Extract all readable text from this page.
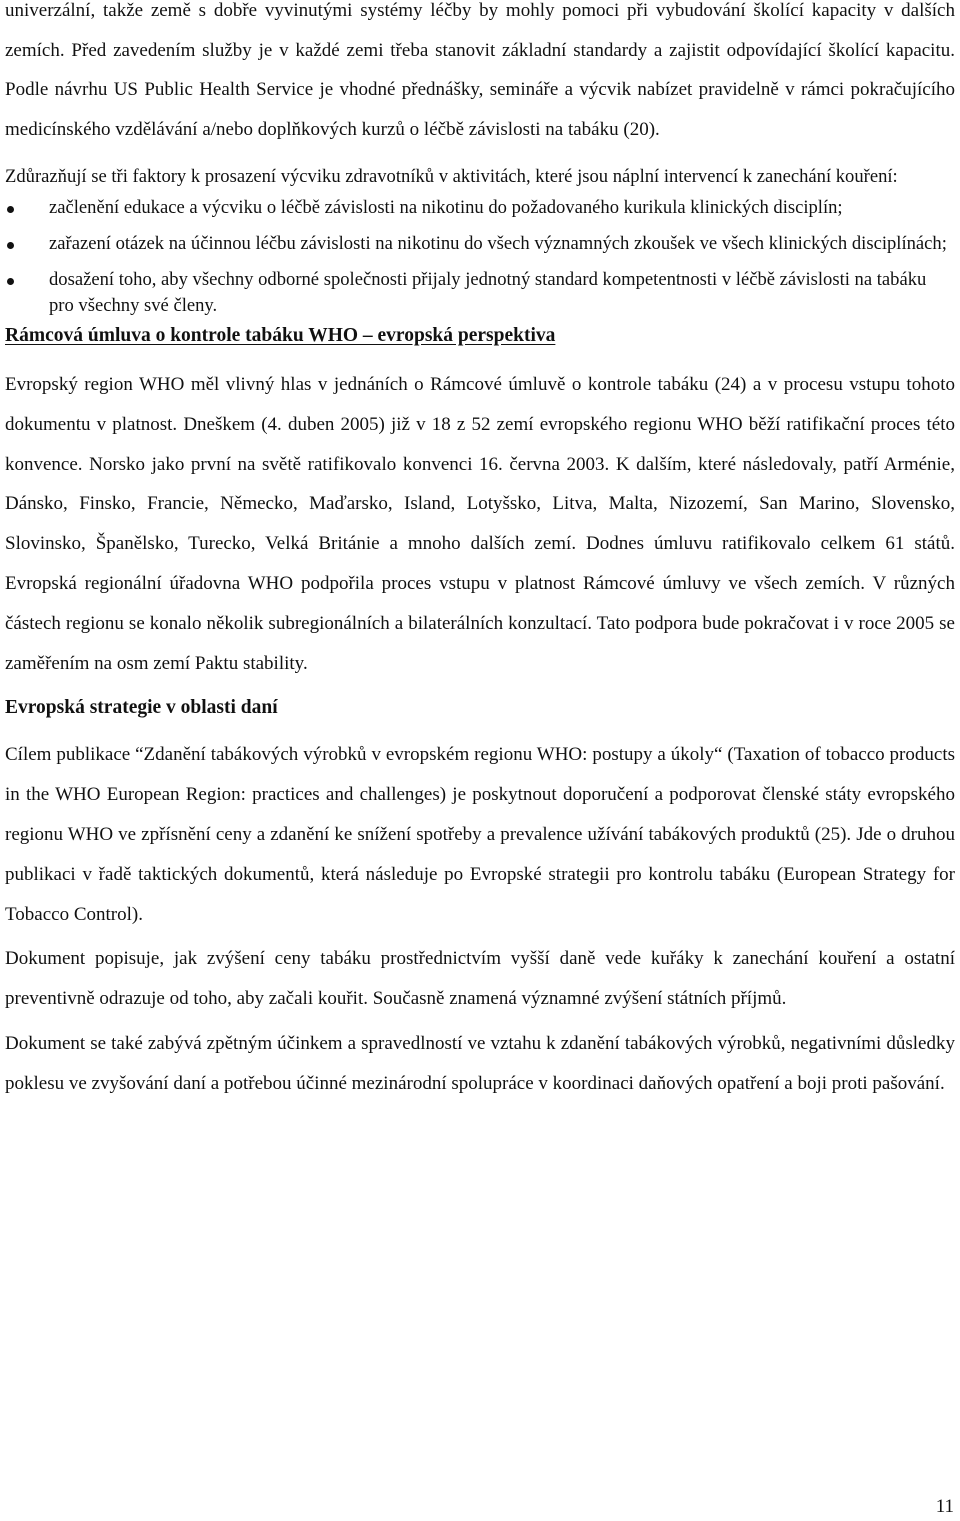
univerzální, takže země s dobře vyvinutými systémy léčby by mohly pomoci při vybudování školící kapacity v dalších zemích. Před zavedením služby je v každé zemi třeba stanovit základní standardy a zajistit odpovídající školící kapacitu. Podle návrhu US Public Health Service je vhodné přednášky, semináře a výcvik nabízet pravidelně v rámci pokračujícího medicínského vzdělávání a/nebo doplňkových kurzů o léčbě závislosti na tabáku (20).

Zdůrazňují se tři faktory k prosazení výcviku zdravotníků v aktivitách, které jsou náplní intervencí k zanechání kouření:

začlenění edukace a výcviku o léčbě závislosti na nikotinu do požadovaného kurikula klinických disciplín;
zařazení otázek na účinnou léčbu závislosti na nikotinu do všech významných zkoušek ve všech klinických disciplínách;
dosažení toho, aby všechny odborné společnosti přijaly jednotný standard kompetentnosti v léčbě závislosti na tabáku pro všechny své členy.
Rámcová úmluva o kontrole tabáku WHO – evropská perspektiva

Evropský region WHO měl vlivný hlas v jednáních o Rámcové úmluvě o kontrole tabáku (24) a v procesu vstupu tohoto dokumentu v platnost. Dneškem (4. duben 2005) již v 18 z 52 zemí evropského regionu WHO běží ratifikační proces této konvence. Norsko jako první na světě ratifikovalo konvenci 16. června 2003. K dalším, které následovaly, patří Arménie, Dánsko, Finsko, Francie, Německo, Maďarsko, Island, Lotyšsko, Litva, Malta, Nizozemí, San Marino, Slovensko, Slovinsko, Španělsko, Turecko, Velká Británie a mnoho dalších zemí. Dodnes úmluvu ratifikovalo celkem 61 států. Evropská regionální úřadovna WHO podpořila proces vstupu v platnost Rámcové úmluvy ve všech zemích. V různých částech regionu se konalo několik subregionálních a bilaterálních konzultací. Tato podpora bude pokračovat i v roce 2005 se zaměřením na osm zemí Paktu stability.

Evropská strategie v oblasti daní

Cílem publikace “Zdanění tabákových výrobků v evropském regionu WHO: postupy a úkoly“ (Taxation of tobacco products in the WHO European Region: practices and challenges) je poskytnout doporučení a podporovat členské státy evropského regionu WHO ve zpřísnění ceny a zdanění ke snížení spotřeby a prevalence užívání tabákových produktů (25). Jde o druhou publikaci v řadě taktických dokumentů, která následuje po Evropské strategii pro kontrolu tabáku (European Strategy for Tobacco Control).

Dokument popisuje, jak zvýšení ceny tabáku prostřednictvím vyšší daně vede kuřáky k zanechání kouření a ostatní preventivně odrazuje od toho, aby začali kouřit. Současně znamená významné zvýšení státních příjmů.

Dokument se také zabývá zpětným účinkem a spravedlností ve vztahu k zdanění tabákových výrobků, negativními důsledky poklesu ve zvyšování daní a potřebou účinné mezinárodní spolupráce v koordinaci daňových opatření a boji proti pašování.

11
